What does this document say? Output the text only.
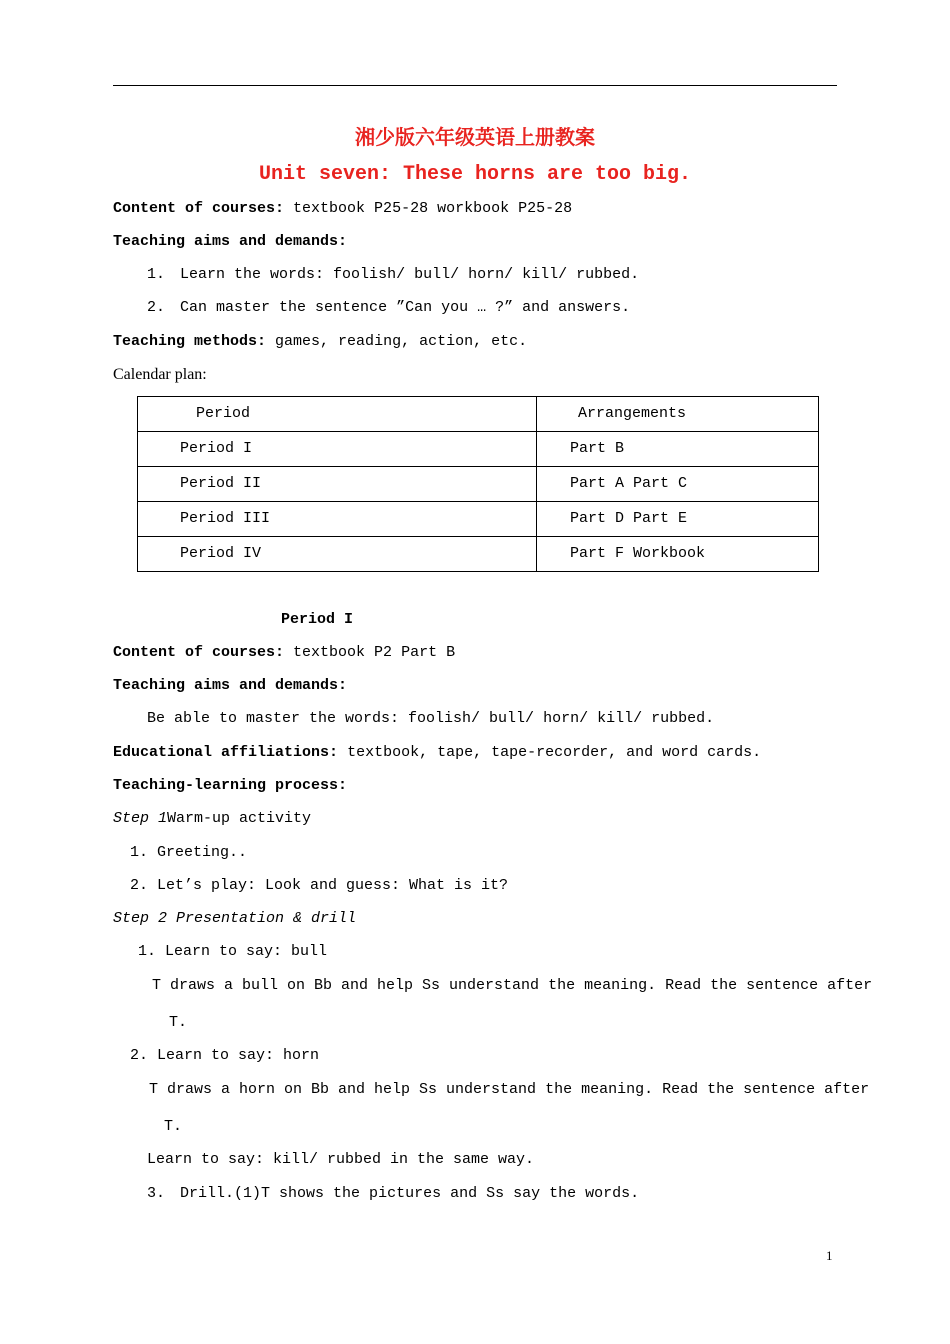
湘少版六年级英语上册教案
Unit seven: These horns are too big.
Content of courses: textbook P25-28 workbook P25-28
Teaching aims and demands:
1. Learn the words: foolish/ bull/ horn/ kill/ rubbed.
2. Can master the sentence ”Can you … ?” and answers.
Teaching methods: games, reading, action, etc.
Calendar plan:
Period	Arrangements
Period I	Part B
Period II	Part A Part C
Period III	Part D Part E
Period IV	Part F Workbook
Period I
Content of courses: textbook P2 Part B
Teaching aims and demands:
Be able to master the words: foolish/ bull/ horn/ kill/ rubbed.
Educational affiliations: textbook, tape, tape-recorder, and word cards.
Teaching-learning process:
Step 1Warm-up activity
1. Greeting..
2. Let’s play: Look and guess: What is it?
Step 2 Presentation & drill
1. Learn to say: bull
T draws a bull on Bb and help Ss understand the meaning. Read the sentence after
T.
2. Learn to say: horn
T draws a horn on Bb and help Ss understand the meaning. Read the sentence after
T.
Learn to say: kill/ rubbed in the same way.
3. Drill.(1)T shows the pictures and Ss say the words.
1
